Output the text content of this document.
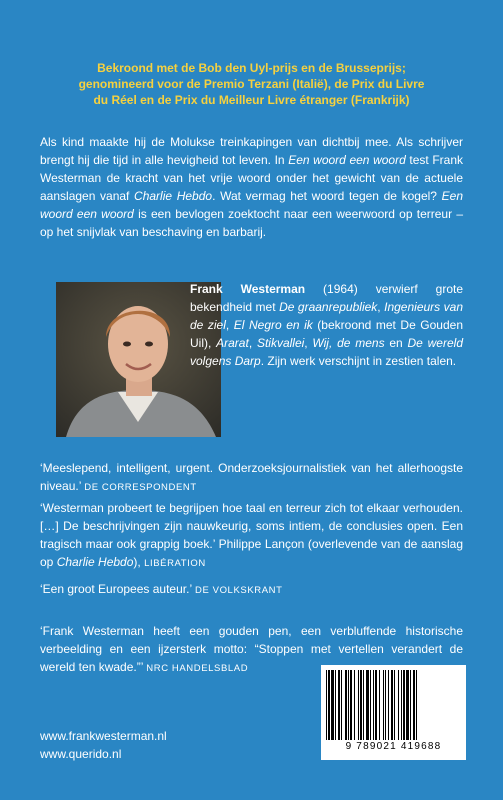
Bekroond met de Bob den Uyl-prijs en de Brusseprijs;
genomineerd voor de Premio Terzani (Italië), de Prix du Livre
du Réel en de Prix du Meilleur Livre étranger (Frankrijk)
Als kind maakte hij de Molukse treinkapingen van dichtbij mee. Als schrijver brengt hij die tijd in alle hevigheid tot leven. In Een woord een woord test Frank Westerman de kracht van het vrije woord onder het gewicht van de actuele aanslagen vanaf Charlie Hebdo. Wat vermag het woord tegen de kogel? Een woord een woord is een bevlogen zoektocht naar een weerwoord op terreur – op het snijvlak van beschaving en barbarij.
Frank Westerman (1964) verwierf grote bekendheid met De graanrepubliek, Ingenieurs van de ziel, El Negro en ik (bekroond met De Gouden Uil), Ararat, Stikvallei, Wij, de mens en De wereld volgens Darp. Zijn werk verschijnt in zestien talen.
‘Meeslepend, intelligent, urgent. Onderzoeksjournalistiek van het allerhoogste niveau.’ DE CORRESPONDENT
‘Westerman probeert te begrijpen hoe taal en terreur zich tot elkaar verhouden. […] De beschrijvingen zijn nauwkeurig, soms intiem, de conclusies open. Een tragisch maar ook grappig boek.’ Philippe Lançon (overlevende van de aanslag op Charlie Hebdo), LIBÉRATION
‘Een groot Europees auteur.’ DE VOLKSKRANT
‘Frank Westerman heeft een gouden pen, een verbluffende historische verbeelding en een ijzersterk motto: “Stoppen met vertellen verandert de wereld ten kwade.”’ NRC HANDELSBLAD
www.frankwesterman.nl
www.querido.nl
9 789021 419688
